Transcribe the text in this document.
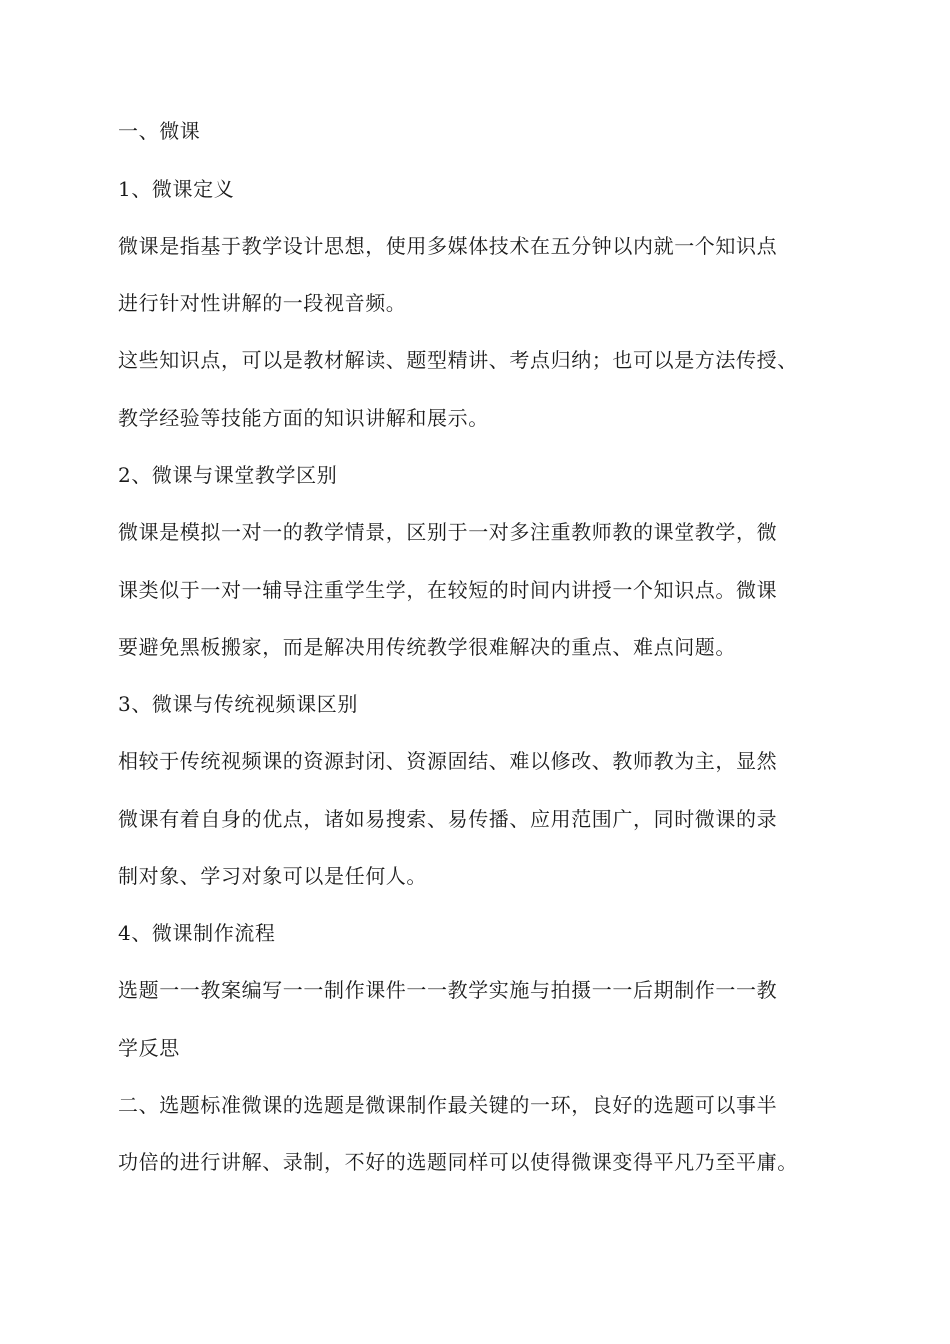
一、微课
1、微课定义
微课是指基于教学设计思想，使用多媒体技术在五分钟以内就一个知识点
进行针对性讲解的一段视音频。
这些知识点，可以是教材解读、题型精讲、考点归纳；也可以是方法传授、
教学经验等技能方面的知识讲解和展示。
2、微课与课堂教学区别
微课是模拟一对一的教学情景，区别于一对多注重教师教的课堂教学，微
课类似于一对一辅导注重学生学，在较短的时间内讲授一个知识点。微课
要避免黑板搬家，而是解决用传统教学很难解决的重点、难点问题。
3、微课与传统视频课区别
相较于传统视频课的资源封闭、资源固结、难以修改、教师教为主，显然
微课有着自身的优点，诸如易搜索、易传播、应用范围广，同时微课的录
制对象、学习对象可以是任何人。
4、微课制作流程
选题一一教案编写一一制作课件一一教学实施与拍摄一一后期制作一一教
学反思
二、选题标准微课的选题是微课制作最关键的一环，良好的选题可以事半
功倍的进行讲解、录制，不好的选题同样可以使得微课变得平凡乃至平庸。
